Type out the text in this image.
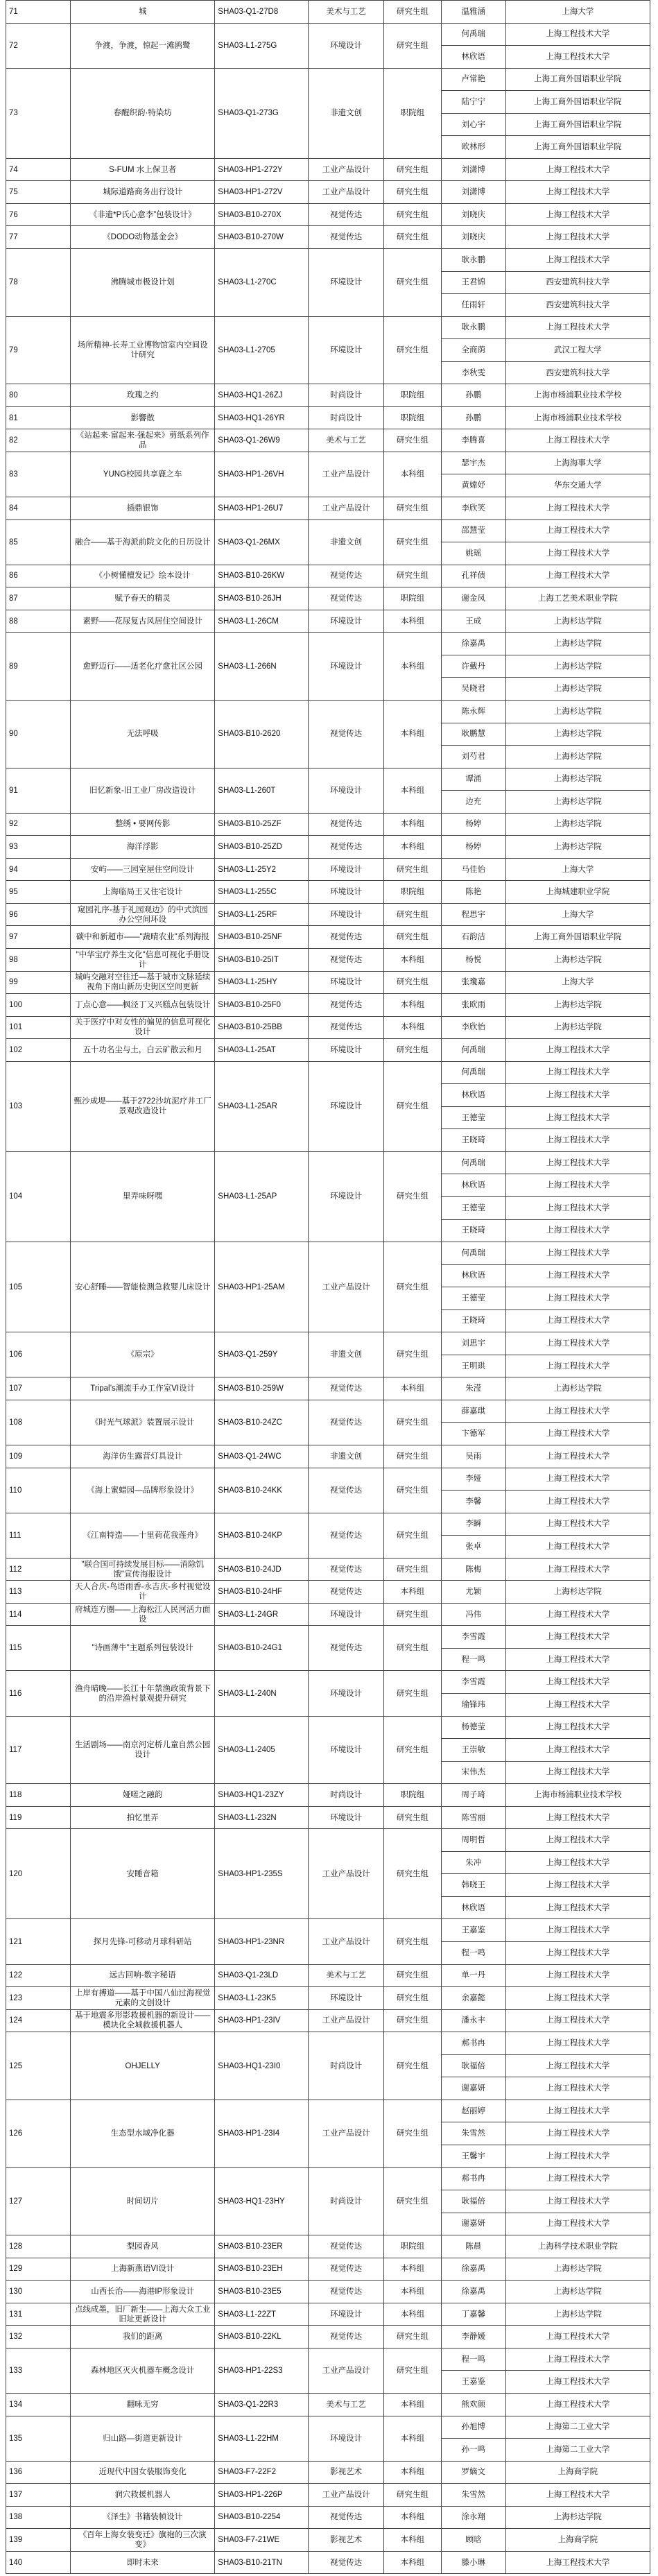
71	城	SHA03-Q1-27D8	美术与工艺	研究生组	温雅涵	上海大学
72	争渡，争渡，惊起一滩鸥鹭	SHA03-L1-275G	环境设计	研究生组	何禹瑞	上海工程技术大学
					林欣语	上海工程技术大学
73	春醒织韵·特染坊	SHA03-Q1-273G	非遗文创	职院组	卢常艳	上海工商外国语职业学院
					陆宁宁	上海工商外国语职业学院
					刘心宇	上海工商外国语职业学院
					欧林形	上海工商外国语职业学院
74	S-FUM 水上保卫者	SHA03-HP1-272Y	工业产品设计	研究生组	刘潇博	上海工程技术大学
75	城际道路商务出行设计	SHA03-HP1-272V	工业产品设计	研究生组	刘潇博	上海工程技术大学
76	《非遗*P氏心意李”包装设计》	SHA03-B10-270X	视觉传达	研究生组	刘晓庆	上海工程技术大学
77	《DODO动物基金会》	SHA03-B10-270W	视觉传达	研究生组	刘晓庆	上海工程技术大学
78	沸腾城市极设计划	SHA03-L1-270C	环境设计	研究生组	耿永鹏	上海工程技术大学
					王君锦	西安建筑科技大学
					任雨轩	西安建筑科技大学
79	场所精神-长寿工业博物馆室内空间设计研究	SHA03-L1-2705	环境设计	研究生组	耿永鹏	上海工程技术大学
					全商荫	武汉工程大学
					李秋雯	西安建筑科技大学
80	玫瑰之约	SHA03-HQ1-26ZJ	时尚设计	职院组	孙鹏	上海市杨浦职业技术学校
81	影響散	SHA03-HQ1-26YR	时尚设计	职院组	孙鹏	上海市杨浦职业技术学校
82	《站起来·富起来·强起来》剪纸系列作品	SHA03-Q1-26W9	美术与工艺	研究生组	李腾喜	上海工程技术大学
83	YUNG校园共享鹿之车	SHA03-HP1-26VH	工业产品设计	本科组	瑟宇杰	上海海事大学
					黄嫦妤	华东交通大学
84	插鼎银饰	SHA03-HP1-26U7	工业产品设计	研究生组	李欣笑	上海工程技术大学
85	融合——基于海派前院文化的日历设计	SHA03-Q1-26MX	非遗文创	研究生组	邵慧莹	上海工程技术大学
					姚瑶	上海工程技术大学
86	《小树懂檀发记》绘本设计	SHA03-B10-26KW	视觉传达	研究生组	孔祥债	上海工程技术大学
87	赋予春天的精灵	SHA03-B10-26JH	视觉传达	职院组	谢金凤	上海工艺美术职业学院
88	素野——花尿复古风居住空间设计	SHA03-L1-26CM	环境设计	本科组	王成	上海杉达学院
89	愈野迈行——适老化疗愈社区公园	SHA03-L1-266N	环境设计	本科组	徐嘉禹	上海杉达学院
					许戴丹	上海杉达学院
					吴晓君	上海杉达学院
90	无法呼吸	SHA03-B10-2620	视觉传达	本科组	陈永辉	上海杉达学院
					耿鹏慧	上海杉达学院
					刘芍君	上海杉达学院
91	旧忆新象-旧工业厂房改造设计	SHA03-L1-260T	环境设计	本科组	谭涌	上海杉达学院
					边充	上海杉达学院
92	整绣 • 要网传影	SHA03-B10-25ZF	视觉传达	本科组	杨婷	上海杉达学院
93	海洋浮影	SHA03-B10-25ZD	视觉传达	本科组	杨婷	上海杉达学院
94	安屿——三园室屋住空间设计	SHA03-L1-25Y2	环境设计	研究生组	马佳怡	上海大学
95	上海临局王又住宅设计	SHA03-L1-255C	环境设计	职院组	陈艳	上海城建职业学院
96	窥园礼序-基于礼园观边》的中式滨园办公空间环设	SHA03-L1-25RF	环境设计	研究生组	程思宇	上海大学
97	碳中和新超市——"蔬晴农业"系列海报	SHA03-B10-25NF	视觉传达	研究生组	石韵洁	上海工商外国语职业学院
98	"中华宝疗养生文化"信息可视化手册设计	SHA03-B10-25IT	视觉传达	本科组	杨悦	上海杉达学院
99	城屿交融对空往迁—基于城市文脉延续视角下南山新历史街区空间更新	SHA03-L1-25HY	环境设计	研究生组	张瓊嘉	上海大学
100	丁点心意——枫泾丁又兴糕点包装设计	SHA03-B10-25F0	视觉传达	本科组	张欧雨	上海杉达学院
101	关于医疗中对女性的偏见的信息可视化设计	SHA03-B10-25BB	视觉传达	本科组	李欣怡	上海杉达学院
102	五十功名尘与土，白云矿散云和月	SHA03-L1-25AT	环境设计	研究生组	何禹瑞	上海工程技术大学
103	甄沙成堤——基于2722沙坑泥疗井工厂景观改造设计	SHA03-L1-25AR	环境设计	研究生组	何禹瑞	上海工程技术大学
					林欣语	上海工程技术大学
					王德莹	上海工程技术大学
					王晓琦	上海工程技术大学
104	里弄味呀嘿	SHA03-L1-25AP	环境设计	研究生组	何禹瑞	上海工程技术大学
					林欣语	上海工程技术大学
					王德莹	上海工程技术大学
					王晓琦	上海工程技术大学
105	安心舒睡——智能检测急救婴儿床设计	SHA03-HP1-25AM	工业产品设计	研究生组	何禹瑞	上海工程技术大学
					林欣语	上海工程技术大学
					王德莹	上海工程技术大学
					王晓琦	上海工程技术大学
106	《原宗》	SHA03-Q1-259Y	非遗文创	研究生组	刘思宇	上海工程技术大学
					王明珙	上海工程技术大学
107	Tripal’s潮流手办工作室VI设计	SHA03-B10-259W	视觉传达	本科组	朱滢	上海杉达学院
108	《时光气球派》装置展示设计	SHA03-B10-24ZC	视觉传达	研究生组	薛嘉琪	上海工程技术大学
					卞德军	上海工程技术大学
109	海洋仿生露营灯具设计	SHA03-Q1-24WC	非遗文创	研究生组	吴雨	上海工程技术大学
110	《海上蜜蜡园—品牌形象设计》	SHA03-B10-24KK	视觉传达	研究生组	李娅	上海工程技术大学
					李馨	上海工程技术大学
111	《江南特造——十里荷花我莲舟》	SHA03-B10-24KP	视觉传达	研究生组	李瞬	上海工程技术大学
					张卓	上海工程技术大学
112	"联合国可持续发展目标——消除饥饿"宣传海报设计	SHA03-B10-24JD	视觉传达	研究生组	陈梅	上海工程技术大学
113	天人合庆-鸟语雨香-永吉庆-乡村视觉设计	SHA03-B10-24HF	视觉传达	本科组	尤颖	上海杉达学院
114	府城连方圈——上海松江人民河活力面设	SHA03-L1-24GR	环境设计	研究生组	冯伟	上海工程技术大学
115	"诗画薄牛"主题系列包装设计	SHA03-B10-24G1	视觉传达	研究生组	李雪霞	上海工程技术大学
					程一鸣	上海工程技术大学
116	渔舟晴晚——长江十年禁渔政策背景下的沿岸渔村景观提升研究	SHA03-L1-240N	环境设计	研究生组	李雪霞	上海工程技术大学
					瑜锋玮	上海工程技术大学
117	生活剧场——南京河定桥儿童自然公园设计	SHA03-L1-2405	环境设计	研究生组	杨德莹	上海工程技术大学
					王崇敏	上海工程技术大学
					宋伟杰	上海工程技术大学
118	娅嗟之融韵	SHA03-HQ1-23ZY	时尚设计	职院组	周子琦	上海市杨浦职业技术学校
119	拍忆里弄	SHA03-L1-232N	环境设计	研究生组	陈雪丽	上海工程技术大学
120	安睡音箱	SHA03-HP1-235S	工业产品设计	研究生组	周明哲	上海工程技术大学
					朱冲	上海工程技术大学
					韩晓王	上海工程技术大学
					林欣语	上海工程技术大学
121	探月先锋-可移动月球科研站	SHA03-HP1-23NR	工业产品设计	研究生组	王嘉鉴	上海工程技术大学
					程一鸣	上海工程技术大学
122	远古回响-数字秘语	SHA03-Q1-23LD	美术与工艺	研究生组	单一丹	上海工程技术大学
123	上岸有搏道——基于中国八仙过海视觉元素的文创设计	SHA03-L1-23K5	环境设计	研究生组	余嘉懿	上海工程技术大学
124	基于地震多形影救援机器的新设计——模块化全城救援机器人	SHA03-HP1-23IV	工业产品设计	研究生组	潘永丰	上海工程技术大学
125	OHJELLY	SHA03-HQ1-23I0	时尚设计	研究生组	郝书冉	上海工程技术大学
					耿福倍	上海工程技术大学
					谢嘉妍	上海工程技术大学
126	生态型水域净化器	SHA03-HP1-23I4	工业产品设计	研究生组	赵丽婷	上海工程技术大学
					朱雪然	上海工程技术大学
					王馨宇	上海工程技术大学
127	时间切片	SHA03-HQ1-23HY	时尚设计	研究生组	郝书冉	上海工程技术大学
					耿福倍	上海工程技术大学
					谢嘉妍	上海工程技术大学
128	梨园香风	SHA03-B10-23ER	视觉传达	职院组	陈晨	上海科学技术职业学院
129	上海新燕语VI设计	SHA03-B10-23EH	视觉传达	本科组	徐嘉禹	上海杉达学院
130	山西长治——海港IP形象设计	SHA03-B10-23E5	视觉传达	本科组	徐嘉禹	上海杉达学院
131	点线成墨，旧厂新生——上海大众工业旧址更新设计	SHA03-L1-22ZT	环境设计	本科组	丁嘉馨	上海杉达学院
132	我们的距离	SHA03-B10-22KL	视觉传达	研究生组	李静媛	上海工程技术大学
133	森林地区灭火机器车概念设计	SHA03-HP1-22S3	工业产品设计	研究生组	程一鸣	上海工程技术大学
					王嘉鉴	上海工程技术大学
134	翻咏无穷	SHA03-Q1-22R3	美术与工艺	本科组	熊欢颜	上海工程技术大学
135	归山路—街道更新设计	SHA03-L1-22HM	环境设计	本科组	孙旭博	上海第二工业大学
					孙一鸣	上海第二工业大学
136	近现代中国女装服饰变化	SHA03-F7-22F2	影视艺术	本科组	罗嫡文	上海商学院
137	润穴救援机器人	SHA03-HP1-226P	工业产品设计	研究生组	朱雪然	上海工程技术大学
138	《泽生》书籍装帧设计	SHA03-B10-2254	视觉传达	本科组	涂永翔	上海杉达学院
139	《百年上海女装变迁》旗袍的三次演变》	SHA03-F7-21WE	影视艺术	本科组	顾晗	上海商学院
140	即时未来	SHA03-B10-21TN	视觉传达	本科组	滕小琳	上海工程技术大学
